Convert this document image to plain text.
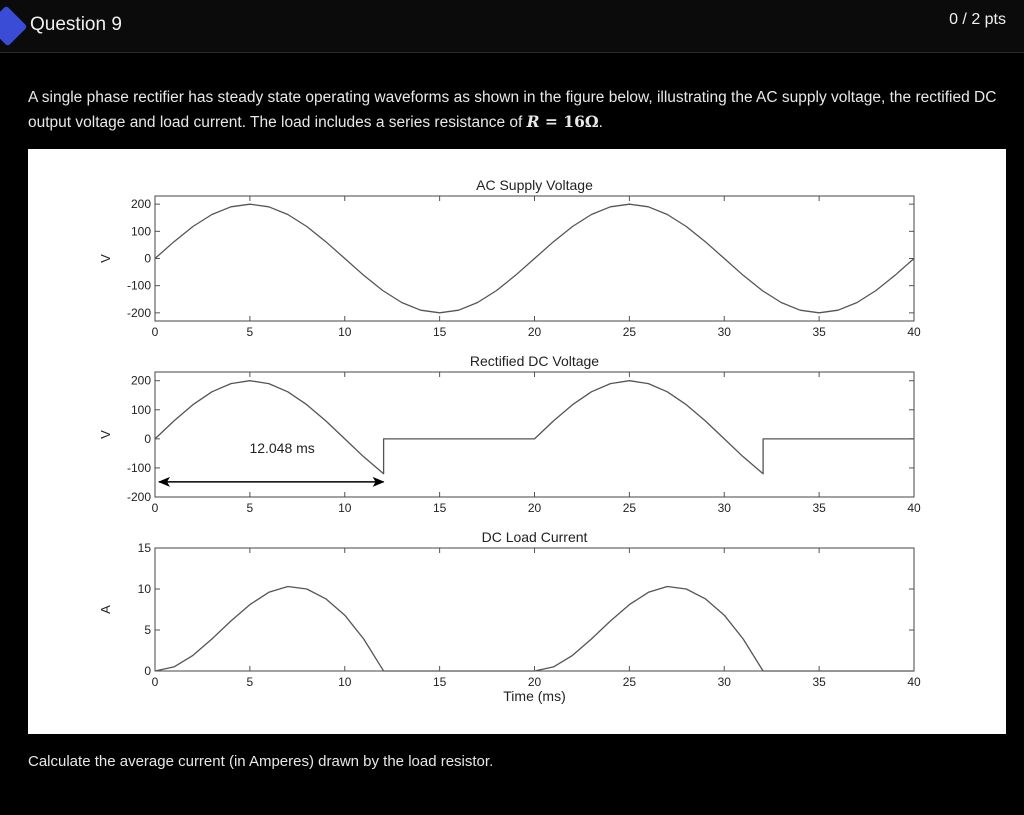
Question 9	0 / 2 pts
A single phase rectifier has steady state operating waveforms as shown in the figure below, illustrating the AC supply voltage, the rectified DC output voltage and load current. The load includes a series resistance of R = 16Ω.
0	5	10	15	20	25	30	35	40
200
100
0
-100
-200
AC Supply Voltage
V
0	5	10	15	20	25	30	35	40
200
100
0
-100
-200
Rectified DC Voltage
V
12.048 ms
0	5	10	15	20	25	30	35	40
15
10
5
0
DC Load Current
A
Time (ms)
Calculate the average current (in Amperes) drawn by the load resistor.
